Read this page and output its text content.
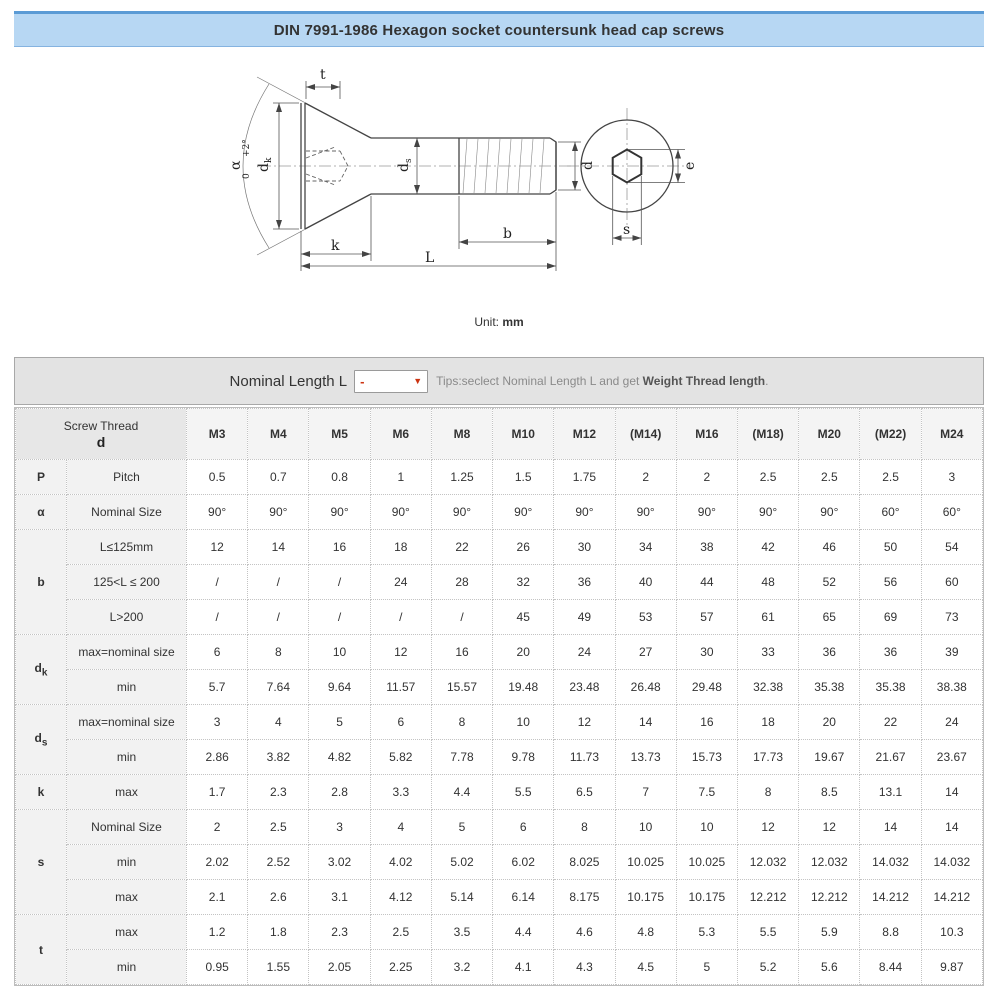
DIN 7991-1986 Hexagon socket countersunk head cap screws
t
α
+2°
0
$d_k$
$d_s$
d
k
b
L
e
s
Unit: mm
Nominal Length L -	▼ Tips:seclect Nominal Length L and get Weight Thread length.
Screw Thread
d		M3	M4	M5	M6	M8	M10	M12	(M14)	M16	(M18)	M20	(M22)	M24
P	Pitch	0.5	0.7	0.8	1	1.25	1.5	1.75	2	2	2.5	2.5	2.5	3
α	Nominal Size	90°	90°	90°	90°	90°	90°	90°	90°	90°	90°	90°	60°	60°
b	L≤125mm	12	14	16	18	22	26	30	34	38	42	46	50	54
	125<L ≤ 200	/	/	/	24	28	32	36	40	44	48	52	56	60
	L>200	/	/	/	/	/	45	49	53	57	61	65	69	73
$d_k$	max=nominal size	6	8	10	12	16	20	24	27	30	33	36	36	39
	min	5.7	7.64	9.64	11.57	15.57	19.48	23.48	26.48	29.48	32.38	35.38	35.38	38.38
$d_s$	max=nominal size	3	4	5	6	8	10	12	14	16	18	20	22	24
	min	2.86	3.82	4.82	5.82	7.78	9.78	11.73	13.73	15.73	17.73	19.67	21.67	23.67
k	max	1.7	2.3	2.8	3.3	4.4	5.5	6.5	7	7.5	8	8.5	13.1	14
s	Nominal Size	2	2.5	3	4	5	6	8	10	10	12	12	14	14
	min	2.02	2.52	3.02	4.02	5.02	6.02	8.025	10.025	10.025	12.032	12.032	14.032	14.032
	max	2.1	2.6	3.1	4.12	5.14	6.14	8.175	10.175	10.175	12.212	12.212	14.212	14.212
t	max	1.2	1.8	2.3	2.5	3.5	4.4	4.6	4.8	5.3	5.5	5.9	8.8	10.3
	min	0.95	1.55	2.05	2.25	3.2	4.1	4.3	4.5	5	5.2	5.6	8.44	9.87
